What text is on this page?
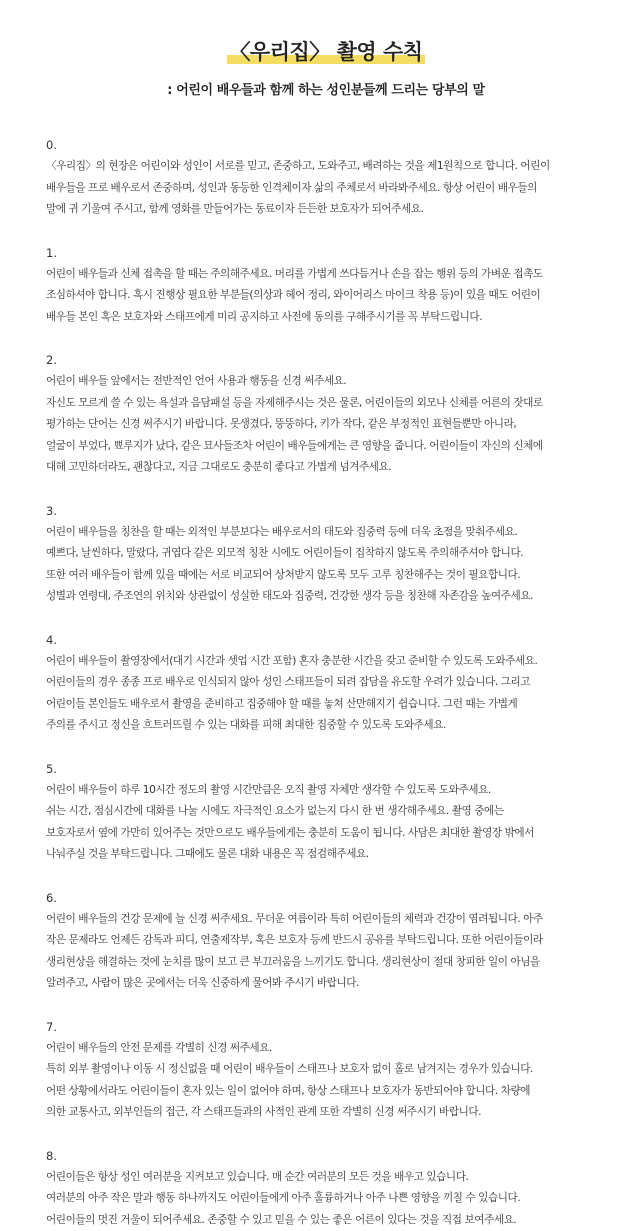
〈우리집〉 촬영 수칙
: 어린이 배우들과 함께 하는 성인분들께 드리는 당부의 말
0.
〈우리집〉의 현장은 어린이와 성인이 서로를 믿고, 존중하고, 도와주고, 배려하는 것을 제1원칙으로 합니다. 어린이
배우들을 프로 배우로서 존중하며, 성인과 동등한 인격체이자 삶의 주체로서 바라봐주세요. 항상 어린이 배우들의
말에 귀 기울여 주시고, 함께 영화를 만들어가는 동료이자 든든한 보호자가 되어주세요.
1.
어린이 배우들과 신체 접촉을 할 때는 주의해주세요. 머리를 가볍게 쓰다듬거나 손을 잡는 행위 등의 가벼운 접촉도
조심하셔야 합니다. 혹시 진행상 필요한 부분들(의상과 헤어 정리, 와이어리스 마이크 착용 등)이 있을 때도 어린이
배우들 본인 혹은 보호자와 스태프에게 미리 공지하고 사전에 동의를 구해주시기를 꼭 부탁드립니다.
2.
어린이 배우들 앞에서는 전반적인 언어 사용과 행동을 신경 써주세요.
자신도 모르게 쓸 수 있는 욕설과 음담패설 등을 자제해주시는 것은 물론, 어린이들의 외모나 신체를 어른의 잣대로
평가하는 단어는 신경 써주시기 바랍니다. 못생겼다, 뚱뚱하다, 키가 작다, 같은 부정적인 표현들뿐만 아니라,
얼굴이 부었다, 뾰루지가 났다, 같은 묘사들조차 어린이 배우들에게는 큰 영향을 줍니다. 어린이들이 자신의 신체에
대해 고민하더라도, 괜찮다고, 지금 그대로도 충분히 좋다고 가볍게 넘겨주세요.
3.
어린이 배우들을 칭찬을 할 때는 외적인 부분보다는 배우로서의 태도와 집중력 등에 더욱 초점을 맞춰주세요.
예쁘다, 날씬하다, 말랐다, 귀엽다 같은 외모적 칭찬 시에도 어린이들이 집착하지 않도록 주의해주셔야 합니다.
또한 여러 배우들이 함께 있을 때에는 서로 비교되어 상처받지 않도록 모두 고루 칭찬해주는 것이 필요합니다.
성별과 연령대, 주조연의 위치와 상관없이 성실한 태도와 집중력, 건강한 생각 등을 칭찬해 자존감을 높여주세요.
4.
어린이 배우들이 촬영장에서(대기 시간과 셋업 시간 포함) 혼자 충분한 시간을 갖고 준비할 수 있도록 도와주세요.
어린이들의 경우 종종 프로 배우로 인식되지 않아 성인 스태프들이 되려 잡담을 유도할 우려가 있습니다. 그리고
어린이들 본인들도 배우로서 촬영을 준비하고 집중해야 할 때를 놓쳐 산만해지기 쉽습니다. 그런 때는 가볍게
주의를 주시고 정신을 흐트러뜨릴 수 있는 대화를 피해 최대한 집중할 수 있도록 도와주세요.
5.
어린이 배우들이 하루 10시간 정도의 촬영 시간만큼은 오직 촬영 자체만 생각할 수 있도록 도와주세요.
쉬는 시간, 점심시간에 대화를 나눌 시에도 자극적인 요소가 없는지 다시 한 번 생각해주세요. 촬영 중에는
보호자로서 옆에 가만히 있어주는 것만으로도 배우들에게는 충분히 도움이 됩니다. 사담은 최대한 촬영장 밖에서
나눠주실 것을 부탁드립니다. 그때에도 물론 대화 내용은 꼭 점검해주세요.
6.
어린이 배우들의 건강 문제에 늘 신경 써주세요. 무더운 여름이라 특히 어린이들의 체력과 건강이 염려됩니다. 아주
작은 문제라도 언제든 감독과 피디, 연출제작부, 혹은 보호자 등께 반드시 공유를 부탁드립니다. 또한 어린이들이라
생리현상을 해결하는 것에 눈치를 많이 보고 큰 부끄러움을 느끼기도 합니다. 생리현상이 절대 창피한 일이 아님을
알려주고, 사람이 많은 곳에서는 더욱 신중하게 물어봐 주시기 바랍니다.
7.
어린이 배우들의 안전 문제를 각별히 신경 써주세요.
특히 외부 촬영이나 이동 시 정신없을 때 어린이 배우들이 스태프나 보호자 없이 홀로 남겨지는 경우가 있습니다.
어떤 상황에서라도 어린이들이 혼자 있는 일이 없어야 하며, 항상 스태프나 보호자가 동반되어야 합니다. 차량에
의한 교통사고, 외부인들의 접근, 각 스태프들과의 사적인 관계 또한 각별히 신경 써주시기 바랍니다.
8.
어린이들은 항상 성인 여러분을 지켜보고 있습니다. 매 순간 여러분의 모든 것을 배우고 있습니다.
여러분의 아주 작은 말과 행동 하나까지도 어린이들에게 아주 훌륭하거나 아주 나쁜 영향을 끼칠 수 있습니다.
어린이들의 멋진 거울이 되어주세요. 존중할 수 있고 믿을 수 있는 좋은 어른이 있다는 것을 직접 보여주세요.
